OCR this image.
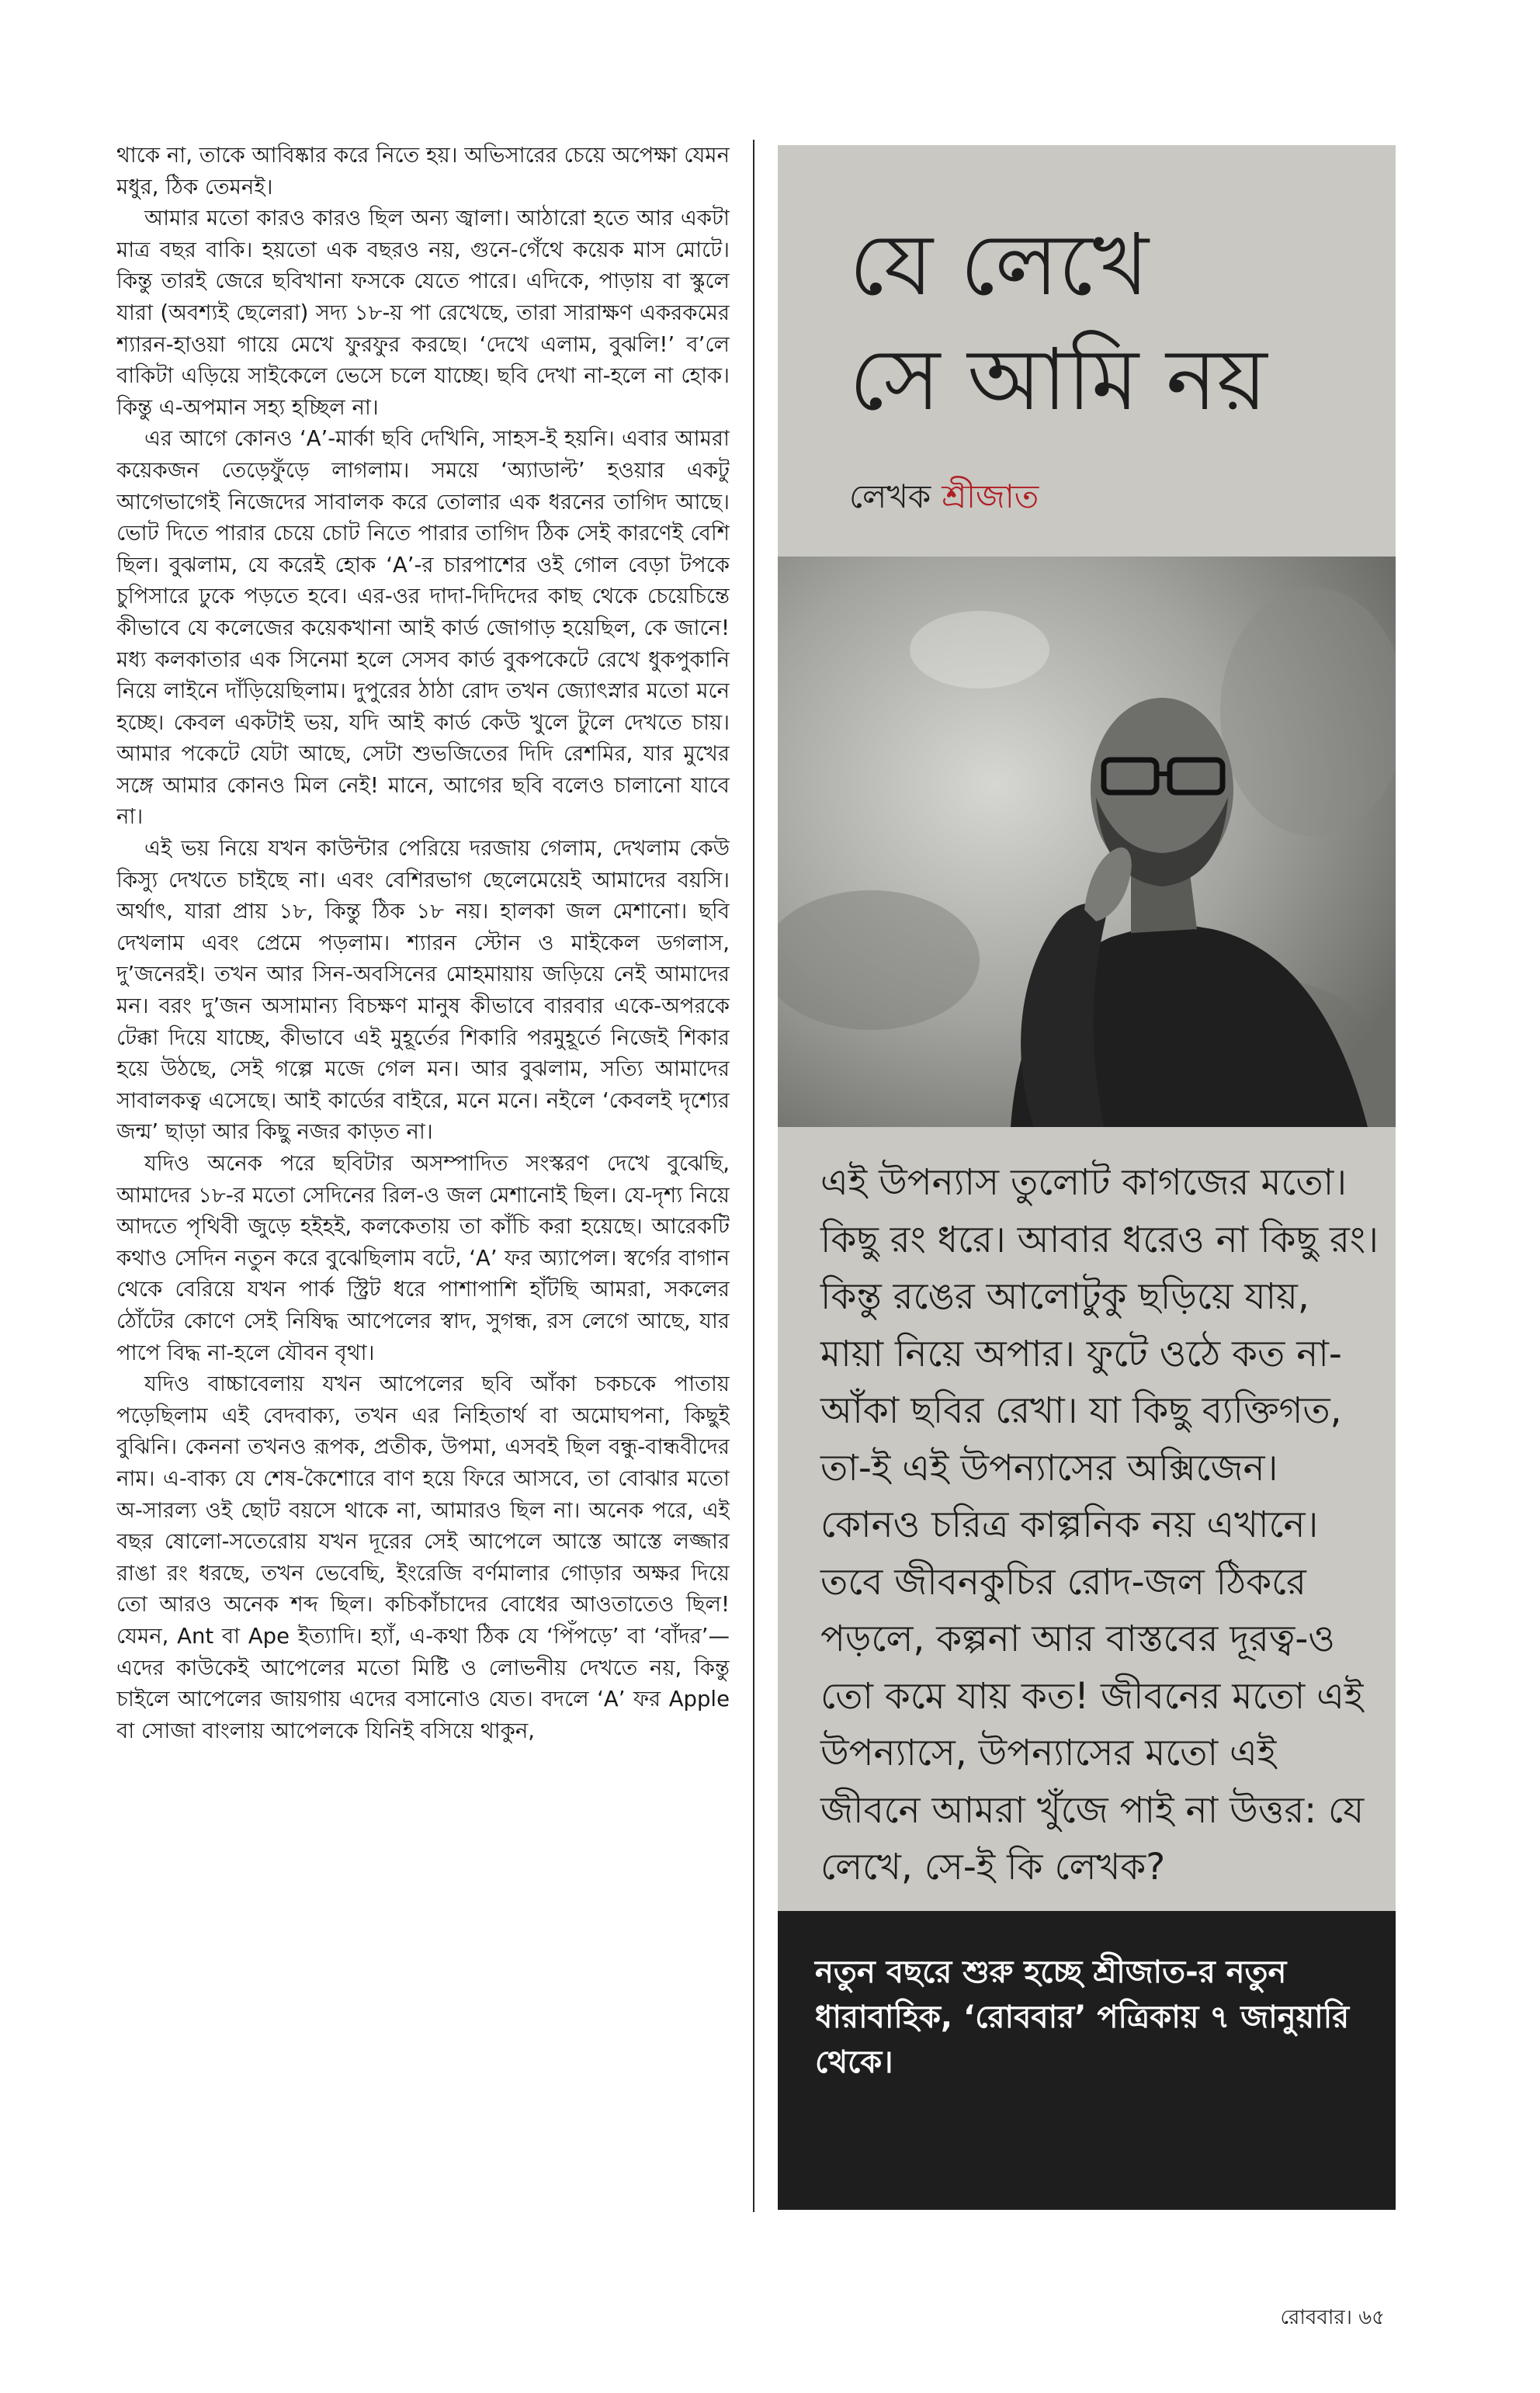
থাকে না, তাকে আবিষ্কার করে নিতে হয়। অভিসারের চেয়ে অপেক্ষা যেমন মধুর, ঠিক তেমনই।

আমার মতো কারও কারও ছিল অন্য জ্বালা। আঠারো হতে আর একটা মাত্র বছর বাকি। হয়তো এক বছরও নয়, গুনে-গেঁথে কয়েক মাস মোটে। কিন্তু তারই জেরে ছবিখানা ফসকে যেতে পারে। এদিকে, পাড়ায় বা স্কুলে যারা (অবশ্যই ছেলেরা) সদ্য ১৮-য় পা রেখেছে, তারা সারাক্ষণ একরকমের শ্যারন-হাওয়া গায়ে মেখে ফুরফুর করছে। ‘দেখে এলাম, বুঝলি!’ ব’লে বাকিটা এড়িয়ে সাইকেলে ভেসে চলে যাচ্ছে। ছবি দেখা না-হলে না হোক। কিন্তু এ-অপমান সহ্য হচ্ছিল না।

এর আগে কোনও ‘A’-মার্কা ছবি দেখিনি, সাহস-ই হয়নি। এবার আমরা কয়েকজন তেড়েফুঁড়ে লাগলাম। সময়ে ‘অ্যাডাল্ট’ হওয়ার একটু আগেভাগেই নিজেদের সাবালক করে তোলার এক ধরনের তাগিদ আছে। ভোট দিতে পারার চেয়ে চোট নিতে পারার তাগিদ ঠিক সেই কারণেই বেশি ছিল। বুঝলাম, যে করেই হোক ‘A’-র চারপাশের ওই গোল বেড়া টপকে চুপিসারে ঢুকে পড়তে হবে। এর-ওর দাদা-দিদিদের কাছ থেকে চেয়েচিন্তে কীভাবে যে কলেজের কয়েকখানা আই কার্ড জোগাড় হয়েছিল, কে জানে! মধ্য কলকাতার এক সিনেমা হলে সেসব কার্ড বুকপকেটে রেখে ধুকপুকানি নিয়ে লাইনে দাঁড়িয়েছিলাম। দুপুরের ঠাঠা রোদ তখন জ্যোৎস্নার মতো মনে হচ্ছে। কেবল একটাই ভয়, যদি আই কার্ড কেউ খুলে টুলে দেখতে চায়। আমার পকেটে যেটা আছে, সেটা শুভজিতের দিদি রেশমির, যার মুখের সঙ্গে আমার কোনও মিল নেই! মানে, আগের ছবি বলেও চালানো যাবে না।

এই ভয় নিয়ে যখন কাউন্টার পেরিয়ে দরজায় গেলাম, দেখলাম কেউ কিস্যু দেখতে চাইছে না। এবং বেশিরভাগ ছেলেমেয়েই আমাদের বয়সি। অর্থাৎ, যারা প্রায় ১৮, কিন্তু ঠিক ১৮ নয়। হালকা জল মেশানো। ছবি দেখলাম এবং প্রেমে পড়লাম। শ্যারন স্টোন ও মাইকেল ডগলাস, দু’জনেরই। তখন আর সিন-অবসিনের মোহমায়ায় জড়িয়ে নেই আমাদের মন। বরং দু’জন অসামান্য বিচক্ষণ মানুষ কীভাবে বারবার একে-অপরকে টেক্কা দিয়ে যাচ্ছে, কীভাবে এই মুহূর্তের শিকারি পরমুহূর্তে নিজেই শিকার হয়ে উঠছে, সেই গল্পে মজে গেল মন। আর বুঝলাম, সত্যি আমাদের সাবালকত্ব এসেছে। আই কার্ডের বাইরে, মনে মনে। নইলে ‘কেবলই দৃশ্যের জন্ম’ ছাড়া আর কিছু নজর কাড়ত না।

যদিও অনেক পরে ছবিটার অসম্পাদিত সংস্করণ দেখে বুঝেছি, আমাদের ১৮-র মতো সেদিনের রিল-ও জল মেশানোই ছিল। যে-দৃশ্য নিয়ে আদতে পৃথিবী জুড়ে হইহই, কলকেতায় তা কাঁচি করা হয়েছে। আরেকটি কথাও সেদিন নতুন করে বুঝেছিলাম বটে, ‘A’ ফর অ্যাপেল। স্বর্গের বাগান থেকে বেরিয়ে যখন পার্ক স্ট্রিট ধরে পাশাপাশি হাঁটছি আমরা, সকলের ঠোঁটের কোণে সেই নিষিদ্ধ আপেলের স্বাদ, সুগন্ধ, রস লেগে আছে, যার পাপে বিদ্ধ না-হলে যৌবন বৃথা।

যদিও বাচ্চাবেলায় যখন আপেলের ছবি আঁকা চকচকে পাতায় পড়েছিলাম এই বেদবাক্য, তখন এর নিহিতার্থ বা অমোঘপনা, কিছুই বুঝিনি। কেননা তখনও রূপক, প্রতীক, উপমা, এসবই ছিল বন্ধু-বান্ধবীদের নাম। এ-বাক্য যে শেষ-কৈশোরে বাণ হয়ে ফিরে আসবে, তা বোঝার মতো অ-সারল্য ওই ছোট বয়সে থাকে না, আমারও ছিল না। অনেক পরে, এই বছর ষোলো-সতেরোয় যখন দূরের সেই আপেলে আস্তে আস্তে লজ্জার রাঙা রং ধরছে, তখন ভেবেছি, ইংরেজি বর্ণমালার গোড়ার অক্ষর দিয়ে তো আরও অনেক শব্দ ছিল। কচিকাঁচাদের বোধের আওতাতেও ছিল! যেমন, Ant বা Ape ইত্যাদি। হ্যাঁ, এ-কথা ঠিক যে ‘পিঁপড়ে’ বা ‘বাঁদর’— এদের কাউকেই আপেলের মতো মিষ্টি ও লোভনীয় দেখতে নয়, কিন্তু চাইলে আপেলের জায়গায় এদের বসানোও যেত। বদলে ‘A’ ফর Apple বা সোজা বাংলায় আপেলকে যিনিই বসিয়ে থাকুন,

যে লেখে
সে আমি নয়
লেখক শ্রীজাত
এই উপন্যাস তুলোট কাগজের মতো। কিছু রং ধরে। আবার ধরেও না কিছু রং। কিন্তু রঙের আলোটুকু ছড়িয়ে যায়, মায়া নিয়ে অপার। ফুটে ওঠে কত না-আঁকা ছবির রেখা। যা কিছু ব্যক্তিগত, তা-ই এই উপন্যাসের অক্সিজেন। কোনও চরিত্র কাল্পনিক নয় এখানে। তবে জীবনকুচির রোদ-জল ঠিকরে পড়লে, কল্পনা আর বাস্তবের দূরত্ব-ও তো কমে যায় কত! জীবনের মতো এই উপন্যাসে, উপন্যাসের মতো এই জীবনে আমরা খুঁজে পাই না উত্তর: যে লেখে, সে-ই কি লেখক?
নতুন বছরে শুরু হচ্ছে শ্রীজাত-র নতুন ধারাবাহিক, ‘রোববার’ পত্রিকায় ৭ জানুয়ারি থেকে।
রোববার। ৬৫
